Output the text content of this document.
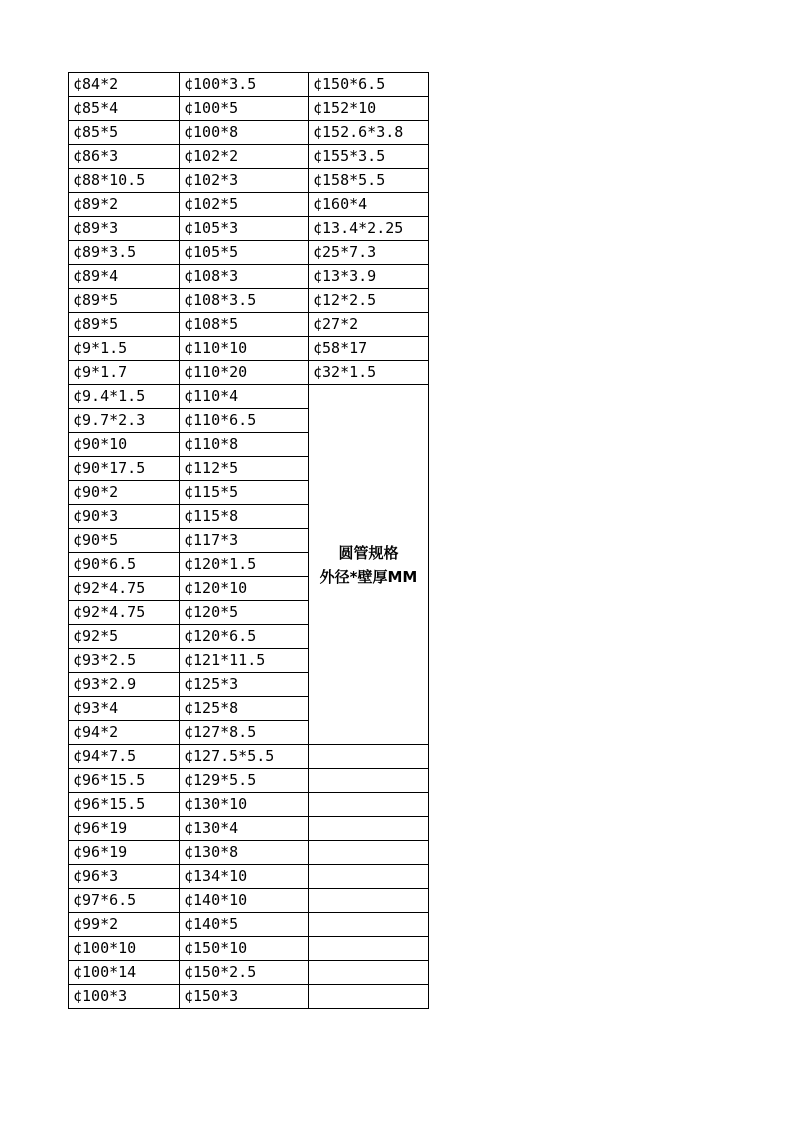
¢84*2	¢100*3.5	¢150*6.5
¢85*4	¢100*5	¢152*10
¢85*5	¢100*8	¢152.6*3.8
¢86*3	¢102*2	¢155*3.5
¢88*10.5	¢102*3	¢158*5.5
¢89*2	¢102*5	¢160*4
¢89*3	¢105*3	¢13.4*2.25
¢89*3.5	¢105*5	¢25*7.3
¢89*4	¢108*3	¢13*3.9
¢89*5	¢108*3.5	¢12*2.5
¢89*5	¢108*5	¢27*2
¢9*1.5	¢110*10	¢58*17
¢9*1.7	¢110*20	¢32*1.5
¢9.4*1.5	¢110*4	圆管规格
外径*壁厚MM

¢9.7*2.3	¢110*6.5	
¢90*10	¢110*8	
¢90*17.5	¢112*5	
¢90*2	¢115*5	
¢90*3	¢115*8	
¢90*5	¢117*3	
¢90*6.5	¢120*1.5	
¢92*4.75	¢120*10	
¢92*4.75	¢120*5	
¢92*5	¢120*6.5	
¢93*2.5	¢121*11.5	
¢93*2.9	¢125*3	
¢93*4	¢125*8	
¢94*2	¢127*8.5	
¢94*7.5	¢127.5*5.5	
¢96*15.5	¢129*5.5	
¢96*15.5	¢130*10	
¢96*19	¢130*4	
¢96*19	¢130*8	
¢96*3	¢134*10	
¢97*6.5	¢140*10	
¢99*2	¢140*5	
¢100*10	¢150*10	
¢100*14	¢150*2.5	
¢100*3	¢150*3	
